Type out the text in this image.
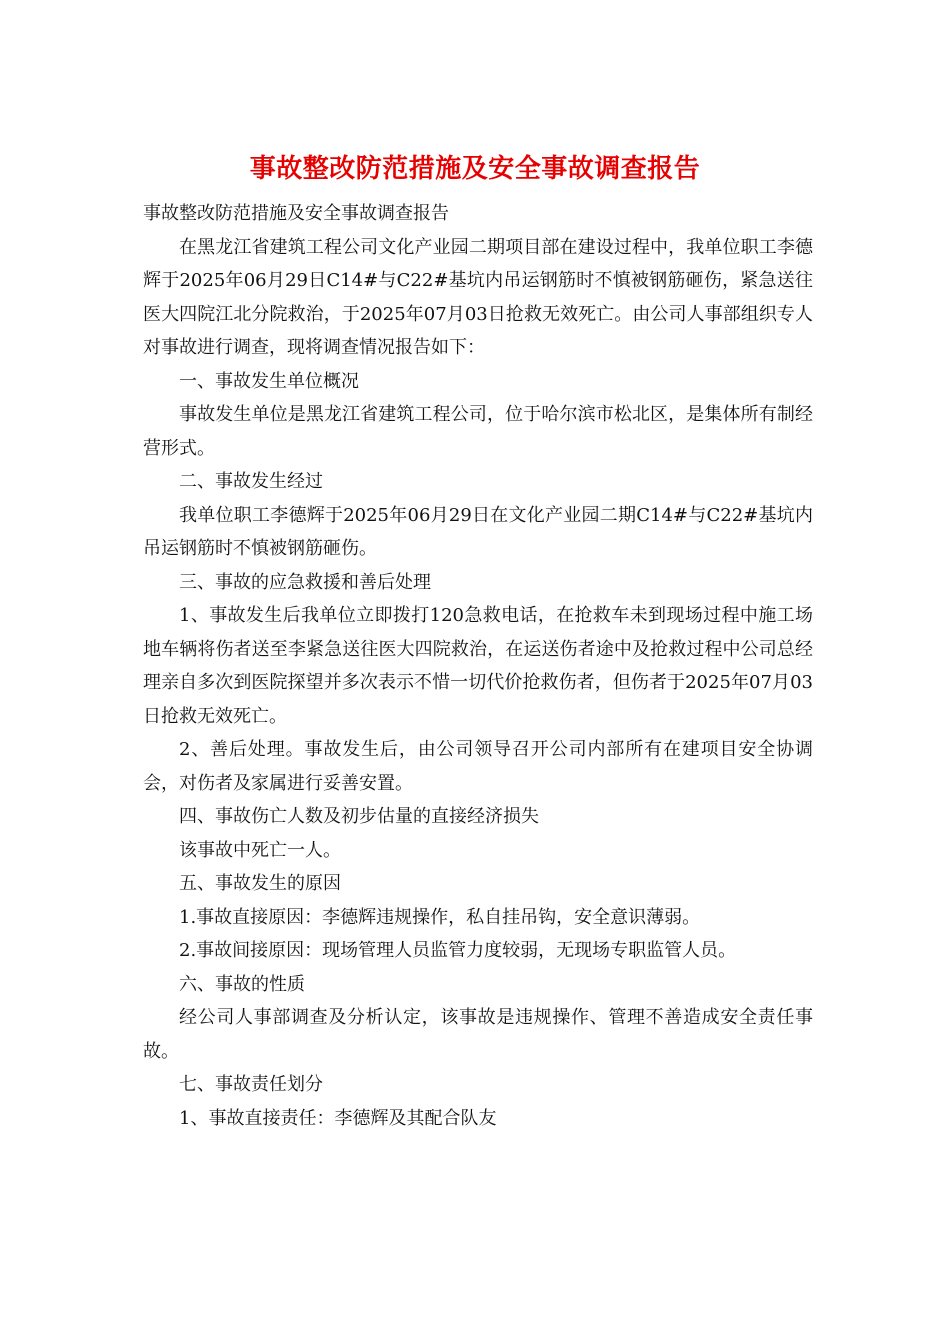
事故整改防范措施及安全事故调查报告

事故整改防范措施及安全事故调查报告

在黑龙江省建筑工程公司文化产业园二期项目部在建设过程中，我单位职工李德辉于2025年06月29日C14#与C22#基坑内吊运钢筋时不慎被钢筋砸伤，紧急送往医大四院江北分院救治，于2025年07月03日抢救无效死亡。由公司人事部组织专人对事故进行调查，现将调查情况报告如下：

一、事故发生单位概况

事故发生单位是黑龙江省建筑工程公司，位于哈尔滨市松北区，是集体所有制经营形式。

二、事故发生经过

我单位职工李德辉于2025年06月29日在文化产业园二期C14#与C22#基坑内吊运钢筋时不慎被钢筋砸伤。

三、事故的应急救援和善后处理

1、事故发生后我单位立即拨打120急救电话，在抢救车未到现场过程中施工场地车辆将伤者送至李紧急送往医大四院救治，在运送伤者途中及抢救过程中公司总经理亲自多次到医院探望并多次表示不惜一切代价抢救伤者，但伤者于2025年07月03日抢救无效死亡。

2、善后处理。事故发生后，由公司领导召开公司内部所有在建项目安全协调会，对伤者及家属进行妥善安置。

四、事故伤亡人数及初步估量的直接经济损失

该事故中死亡一人。

五、事故发生的原因

1.事故直接原因：李德辉违规操作，私自挂吊钩，安全意识薄弱。

2.事故间接原因：现场管理人员监管力度较弱，无现场专职监管人员。

六、事故的性质

经公司人事部调查及分析认定，该事故是违规操作、管理不善造成安全责任事故。

七、事故责任划分

1、事故直接责任：李德辉及其配合队友
